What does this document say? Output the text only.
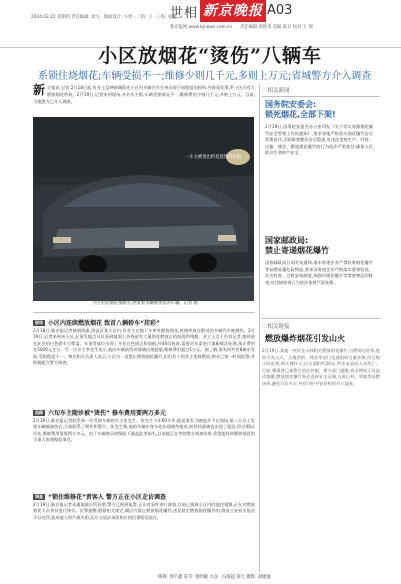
2024.02.22 星期四 责任编辑: 徐大 · 版面设计: 牛奶 · 二校: 王 · 三校: 张鑫
世相 新京晚报 A03
新京报网 www.bjnews.com.cn 责任编辑 曲轶雯 美编 陈京 校对 王 瑞
小区放烟花“烫伤”八辆车
系锁住烧烟花;车辆受损不一;维修少则几千元,多则上万元;省城警方介入调查
新 京报讯 记者 2月18日起,有业主反映新城阳光小区内多辆汽车车身出现不同程度的损伤,经查看发现,系小区内有人燃放烟花所致。2月19日,记者来到现场,多名车主称,车辆受损情况不一,维修费用少则几千元,多则上万元。目前,当地警方已介入调查。
一车主被烫出约花烧伤的伤痕
小区里的烟花残骸旁,停放着多辆被烫伤的车辆。记者 摄
现场 小区内连续燃放烟花 致首八辆轿车“挂彩”
2月18日,新京报记者接到线索,海淀区某小区内,有业主在地下车库外燃放烟花,致使停放在附近的多辆汽车被烧伤。2月19日,记者来到该小区,在事发地点可以看到地面上仍残留有大量烟花燃放后的纸屑和残骸。业主王女士告诉记者,她停放在此处的白色轿车引擎盖、车顶等部位出现了多处白色斑点和划痕,经4S店检查,需要对车漆进行重新喷涂处理,预计费用在5000元左右。另一位业主李先生表示,他的车辆前挡风玻璃出现裂痕,维修费用超过1万元。据了解,事发时共有8辆车受损,受损程度不一。物业相关负责人表示,小区内一直禁止燃放烟花爆竹,但仍有个别业主违规燃放,物业已第一时间报警,并积极配合警方调查。
追踪 六旬车主随诊被“烫伤” 修车费用要两万多元
2月19日,新京报记者联系到一位受损车辆的车主张先生。张先生今年60多岁,他说事发当晚他并不在现场,第二天早上发现车辆被烧伤后,立即联系了物业和警方。张先生称,他的车辆车身多处出现烧伤痕迹,前挡风玻璃也出现了裂纹,经过4S店评估,维修费用需要两万多元。由于车辆购买的保险不涵盖此类损失,目前他正在等待警方调查结果,希望能找到燃放烟花的当事人协商赔偿事宜。
调查 “锁住维修花”责客人 警方正在小区走访调查
2月19日,新京报记者从属地派出所获悉,警方已接到报警,正在对事件进行调查,目前已调取小区内的监控视频,正在对燃放烟花人员身份进行核实。民警提醒,根据相关规定,城区内禁止燃放烟花爆竹,违反规定燃放烟花爆竹的,将由公安机关依法予以处罚;造成他人财产损失的,还应当依法承担相应的民事赔偿责任。
二相关新闻
国务院安委会:
锁死烟花,全部下架!
2月19日,国务院安委会办公室印发《关于切实加强烟花爆竹安全管理工作的通知》,要求各地严格落实烟花爆竹安全管理责任,全面排查整治安全隐患,对违法违规生产、经营、运输、储存、燃放烟花爆竹的行为依法严肃查处,确保人民群众生命财产安全。
国家邮政局:
禁止寄递烟花爆竹
国家邮政局日前发布通知,重申寄递企业严禁收寄烟花爆竹等易燃易爆危险物品,要求各寄递企业严格落实收寄验视、实名收寄、过机安检制度,加强对烟花爆竹等禁寄物品的排查,对违规收寄行为依法依规严肃处理。
二相关链接
燃放爆炸烟花引发山火
2月19日,某地一村民在山林附近燃放烟花爆竹,引燃周边枯草,进而引发山火。当地消防、林业等部门迅速组织力量扑救,经过数小时奋战,明火被扑灭,过火面积约20亩,所幸未造成人员伤亡。目前,肇事者已被警方依法控制。相关部门提醒,春节期间人员流动频繁,燃放烟花爆竹务必选择安全区域,远离山林、草地等易燃场所,避免引发火灾,共同守护平安祥和的节日氛围。
统筹: 郭宇鑫 采写: 张明敏 大众 · 冯海超 徐天 摄影: 刘建强
